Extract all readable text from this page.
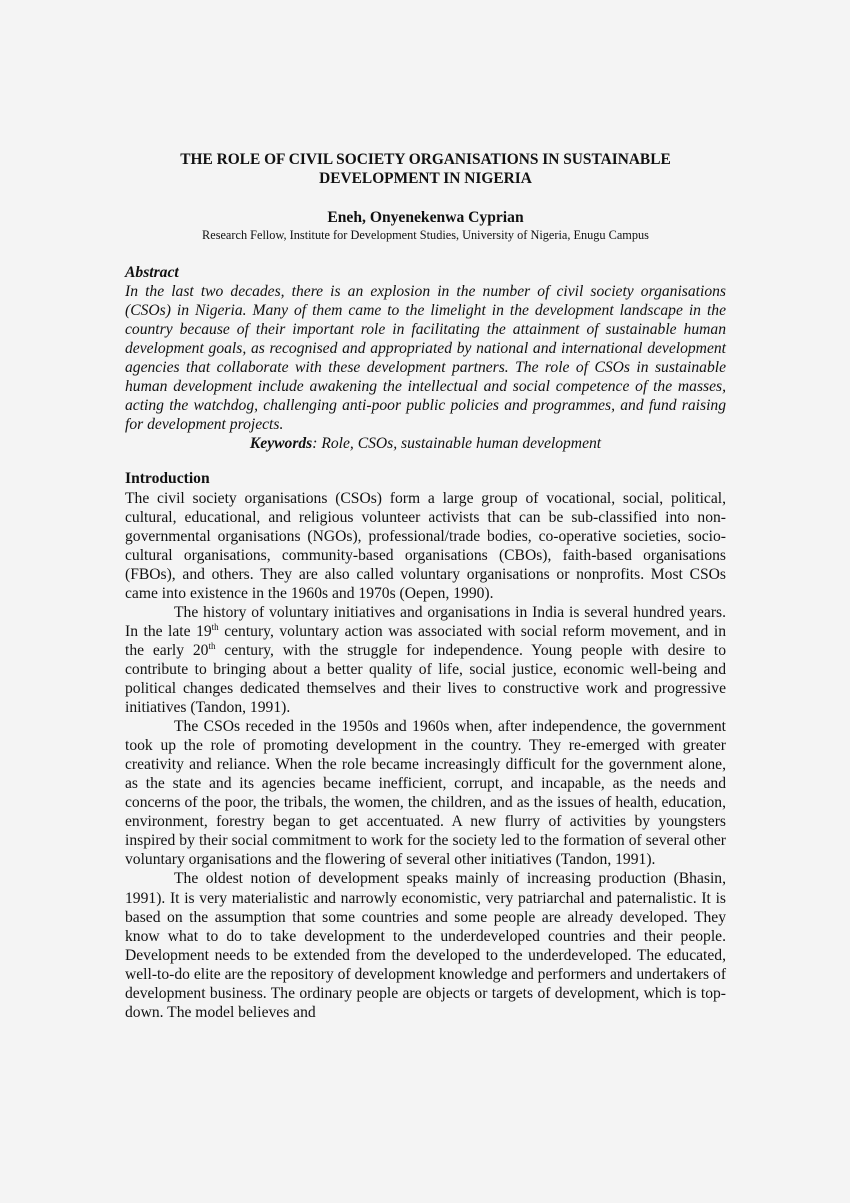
THE ROLE OF CIVIL SOCIETY ORGANISATIONS IN SUSTAINABLE
DEVELOPMENT IN NIGERIA
Eneh, Onyenekenwa Cyprian
Research Fellow, Institute for Development Studies, University of Nigeria, Enugu Campus
Abstract
In the last two decades, there is an explosion in the number of civil society organisations (CSOs) in Nigeria. Many of them came to the limelight in the development landscape in the country because of their important role in facilitating the attainment of sustainable human development goals, as recognised and appropriated by national and international development agencies that collaborate with these development partners. The role of CSOs in sustainable human development include awakening the intellectual and social competence of the masses, acting the watchdog, challenging anti-poor public policies and programmes, and fund raising for development projects.
Keywords: Role, CSOs, sustainable human development
Introduction

The civil society organisations (CSOs) form a large group of vocational, social, political, cultural, educational, and religious volunteer activists that can be sub-classified into non-governmental organisations (NGOs), professional/trade bodies, co-operative societies, socio-cultural organisations, community-based organisations (CBOs), faith-based organisations (FBOs), and others. They are also called voluntary organisations or nonprofits. Most CSOs came into existence in the 1960s and 1970s (Oepen, 1990).

The history of voluntary initiatives and organisations in India is several hundred years. In the late 19th century, voluntary action was associated with social reform movement, and in the early 20th century, with the struggle for independence. Young people with desire to contribute to bringing about a better quality of life, social justice, economic well-being and political changes dedicated themselves and their lives to constructive work and progressive initiatives (Tandon, 1991).

The CSOs receded in the 1950s and 1960s when, after independence, the government took up the role of promoting development in the country. They re-emerged with greater creativity and reliance. When the role became increasingly difficult for the government alone, as the state and its agencies became inefficient, corrupt, and incapable, as the needs and concerns of the poor, the tribals, the women, the children, and as the issues of health, education, environment, forestry began to get accentuated. A new flurry of activities by youngsters inspired by their social commitment to work for the society led to the formation of several other voluntary organisations and the flowering of several other initiatives (Tandon, 1991).

The oldest notion of development speaks mainly of increasing production (Bhasin, 1991). It is very materialistic and narrowly economistic, very patriarchal and paternalistic. It is based on the assumption that some countries and some people are already developed. They know what to do to take development to the underdeveloped countries and their people. Development needs to be extended from the developed to the underdeveloped. The educated, well-to-do elite are the repository of development knowledge and performers and undertakers of development business. The ordinary people are objects or targets of development, which is top-down. The model believes and
